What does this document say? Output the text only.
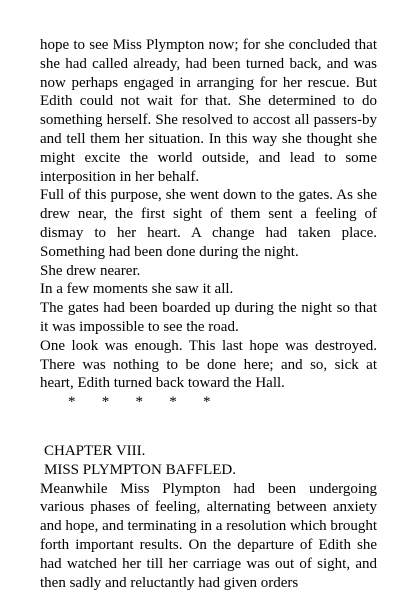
hope to see Miss Plympton now; for she concluded that she had called already, had been turned back, and was now perhaps engaged in arranging for her rescue. But Edith could not wait for that. She determined to do something herself. She resolved to accost all passers-by and tell them her situation. In this way she thought she might excite the world outside, and lead to some interposition in her behalf.

Full of this purpose, she went down to the gates. As she drew near, the first sight of them sent a feeling of dismay to her heart. A change had taken place. Something had been done during the night.

She drew nearer.

In a few moments she saw it all.

The gates had been boarded up during the night so that it was impossible to see the road.

One look was enough. This last hope was destroyed. There was nothing to be done here; and so, sick at heart, Edith turned back toward the Hall.

*       *       *       *       *

CHAPTER VIII.

MISS PLYMPTON BAFFLED.

Meanwhile Miss Plympton had been undergoing various phases of feeling, alternating between anxiety and hope, and terminating in a resolution which brought forth important results. On the departure of Edith she had watched her till her carriage was out of sight, and then sadly and reluctantly had given orders
